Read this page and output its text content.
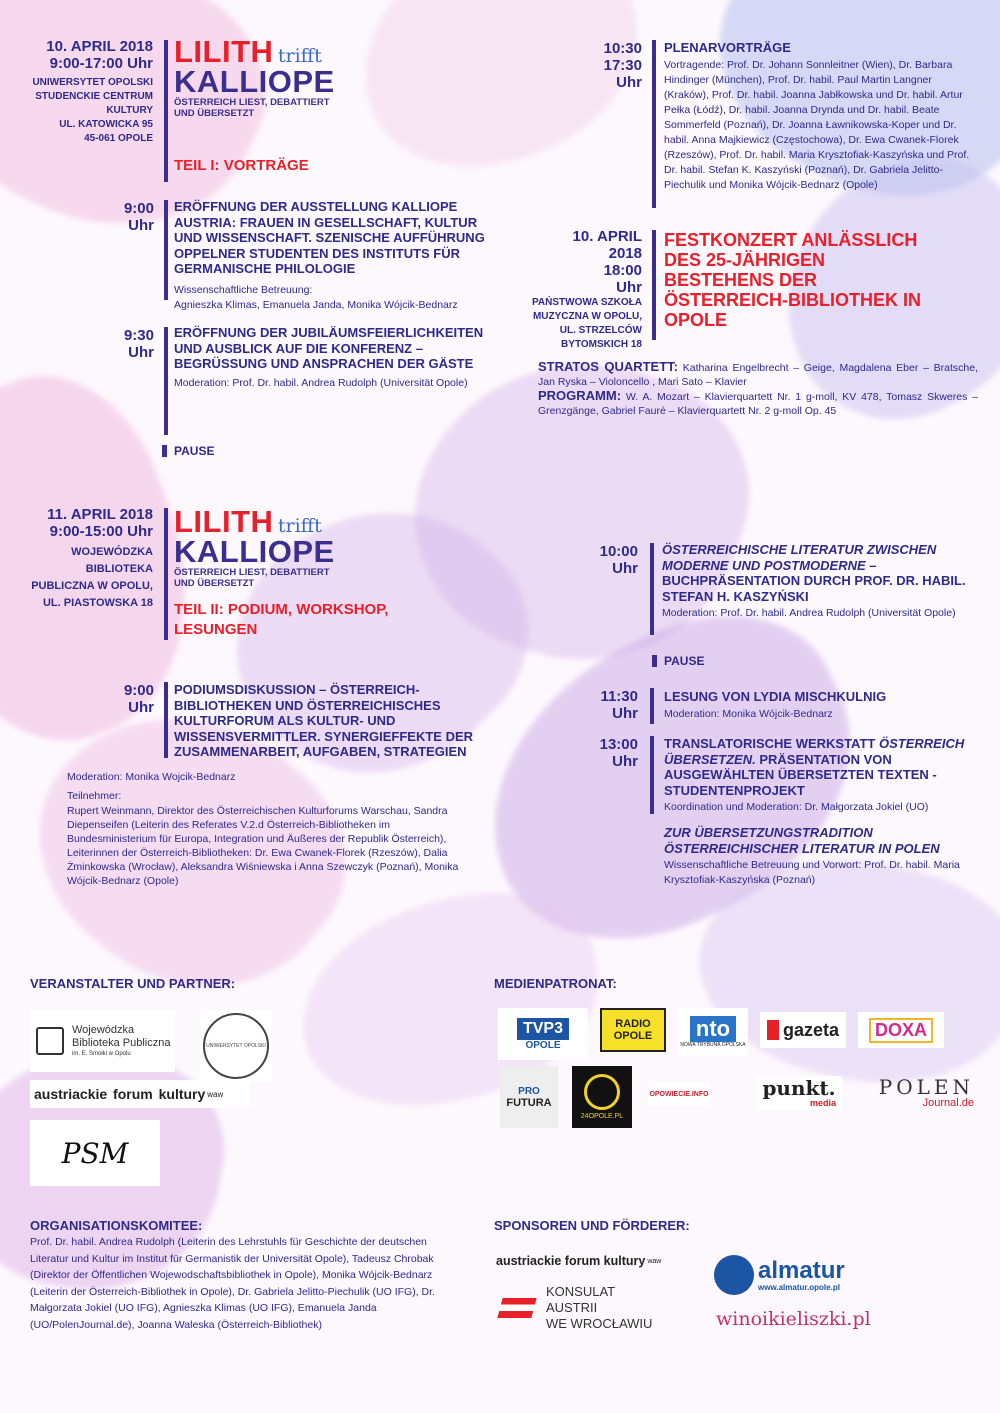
10. APRIL 2018
9:00-17:00 Uhr
UNIWERSYTET OPOLSKI
STUDENCKIE CENTRUM
KULTURY
UL. KATOWICKA 95
45-061 OPOLE
LILITH trifft
KALLIOPE
ÖSTERREICH LIEST, DEBATTIERT UND ÜBERSETZT
TEIL I: VORTRÄGE
9:00
Uhr
ERÖFFNUNG DER AUSSTELLUNG KALLIOPE AUSTRIA: FRAUEN IN GESELLSCHAFT, KULTUR UND WISSENSCHAFT. SZENISCHE AUFFÜHRUNG OPPELNER STUDENTEN DES INSTITUTS FÜR GERMANISCHE PHILOLOGIE
Wissenschaftliche Betreuung:
Agnieszka Klimas, Emanuela Janda, Monika Wójcik-Bednarz
9:30
Uhr
ERÖFFNUNG DER JUBILÄUMSFEIERLICHKEITEN UND AUSBLICK AUF DIE KONFERENZ – BEGRÜSSUNG UND ANSPRACHEN DER GÄSTE
Moderation: Prof. Dr. habil. Andrea Rudolph (Universität Opole)
PAUSE
10:30
17:30
Uhr
PLENARVORTRÄGE
Vortragende: Prof. Dr. Johann Sonnleitner (Wien), Dr. Barbara Hindinger (München), Prof. Dr. habil. Paul Martin Langner (Kraków), Prof. Dr. habil. Joanna Jabłkowska und Dr. habil. Artur Pełka (Łódź), Dr. habil. Joanna Drynda und Dr. habil. Beate Sommerfeld (Poznań), Dr. Joanna Ławnikowska-Koper und Dr. habil. Anna Majkiewicz (Częstochowa), Dr. Ewa Cwanek-Florek (Rzeszów), Prof. Dr. habil. Maria Krysztofiak-Kaszyńska und Prof. Dr. habil. Stefan K. Kaszyński (Poznań), Dr. Gabriela Jelitto-Piechulik und Monika Wójcik-Bednarz (Opole)
10. APRIL
2018
18:00
Uhr
PAŃSTWOWA SZKOŁA
MUZYCZNA W OPOLU,
UL. STRZELCÓW
BYTOMSKICH 18
FESTKONZERT ANLÄSSLICH DES 25-JÄHRIGEN BESTEHENS DER ÖSTERREICH-BIBLIOTHEK IN OPOLE
STRATOS QUARTETT: Katharina Engelbrecht – Geige, Magdalena Eber – Bratsche, Jan Ryska – Violoncello , Mari Sato – Klavier
PROGRAMM: W. A. Mozart – Klavierquartett Nr. 1 g-moll, KV 478, Tomasz Skweres – Grenzgänge, Gabriel Fauré – Klavierquartett Nr. 2 g-moll Op. 45
11. APRIL 2018
9:00-15:00 Uhr
WOJEWÓDZKA
BIBLIOTEKA
PUBLICZNA W OPOLU,
UL. PIASTOWSKA 18
LILITH trifft
KALLIOPE
ÖSTERREICH LIEST, DEBATTIERT UND ÜBERSETZT
TEIL II: PODIUM, WORKSHOP, LESUNGEN
9:00
Uhr
PODIUMSDISKUSSION – ÖSTERREICH-BIBLIOTHEKEN UND ÖSTERREICHISCHES KULTURFORUM ALS KULTUR- UND WISSENSVERMITTLER. SYNERGIEFFEKTE DER ZUSAMMENARBEIT, AUFGABEN, STRATEGIEN
Moderation: Monika Wojcik-Bednarz
Teilnehmer:
Rupert Weinmann, Direktor des Österreichischen Kulturforums Warschau, Sandra Diepenseifen (Leiterin des Referates V.2.d Österreich-Bibliotheken im Bundesministerium für Europa, Integration und Äußeres der Republik Österreich), Leiterinnen der Österreich-Bibliotheken: Dr. Ewa Cwanek-Florek (Rzeszów), Dalia Żminkowska (Wrocław), Aleksandra Wiśniewska i Anna Szewczyk (Poznań), Monika Wójcik-Bednarz (Opole)
10:00
Uhr
ÖSTERREICHISCHE LITERATUR ZWISCHEN MODERNE UND POSTMODERNE – BUCHPRÄSENTATION DURCH PROF. DR. HABIL. STEFAN H. KASZYŃSKI
Moderation: Prof. Dr. habil. Andrea Rudolph (Universität Opole)
PAUSE
11:30
Uhr
LESUNG VON LYDIA MISCHKULNIG
Moderation: Monika Wójcik-Bednarz
13:00
Uhr
TRANSLATORISCHE WERKSTATT ÖSTERREICH ÜBERSETZEN. PRÄSENTATION VON AUSGEWÄHLTEN ÜBERSETZTEN TEXTEN - STUDENTENPROJEKT
Koordination und Moderation: Dr. Małgorzata Jokiel (UO)
ZUR ÜBERSETZUNGSTRADITION ÖSTERREICHISCHER LITERATUR IN POLEN
Wissenschaftliche Betreuung und Vorwort: Prof. Dr. habil. Maria Krysztofiak-Kaszyńska (Poznań)
VERANSTALTER UND PARTNER:	MEDIENPATRONAT:
Wojewódzka
Biblioteka Publiczna
im. E. Smołki w Opolu
UNIWERSYTET OPOLSKI
austriackie forum kultury waw
PSM
TVP3
OPOLE
RADIO
OPOLE nto
NOWA TRYBUNA OPOLSKA
gazeta	DOXA
PRO
FUTURA
24OPOLE.PL
OPOWIECIE.INFO	punkt.
media
POLEN
Journal.de
ORGANISATIONSKOMITEE:
Prof. Dr. habil. Andrea Rudolph (Leiterin des Lehrstuhls für Geschichte der deutschen Literatur und Kultur im Institut für Germanistik der Universität Opole), Tadeusz Chrobak (Direktor der Öffentlichen Wojewodschaftsbibliothek in Opole), Monika Wójcik-Bednarz (Leiterin der Österreich-Bibliothek in Opole), Dr. Gabriela Jelitto-Piechulik (UO IFG), Dr. Małgorzata Jokiel (UO IFG), Agnieszka Klimas (UO IFG), Emanuela Janda (UO/PolenJournal.de), Joanna Waleska (Österreich-Bibliothek)
SPONSOREN UND FÖRDERER:
austriackie forum kultury waw
KONSULAT
AUSTRII
WE WROCŁAWIU
almatur
www.almatur.opole.pl
winoikieliszki.pl
